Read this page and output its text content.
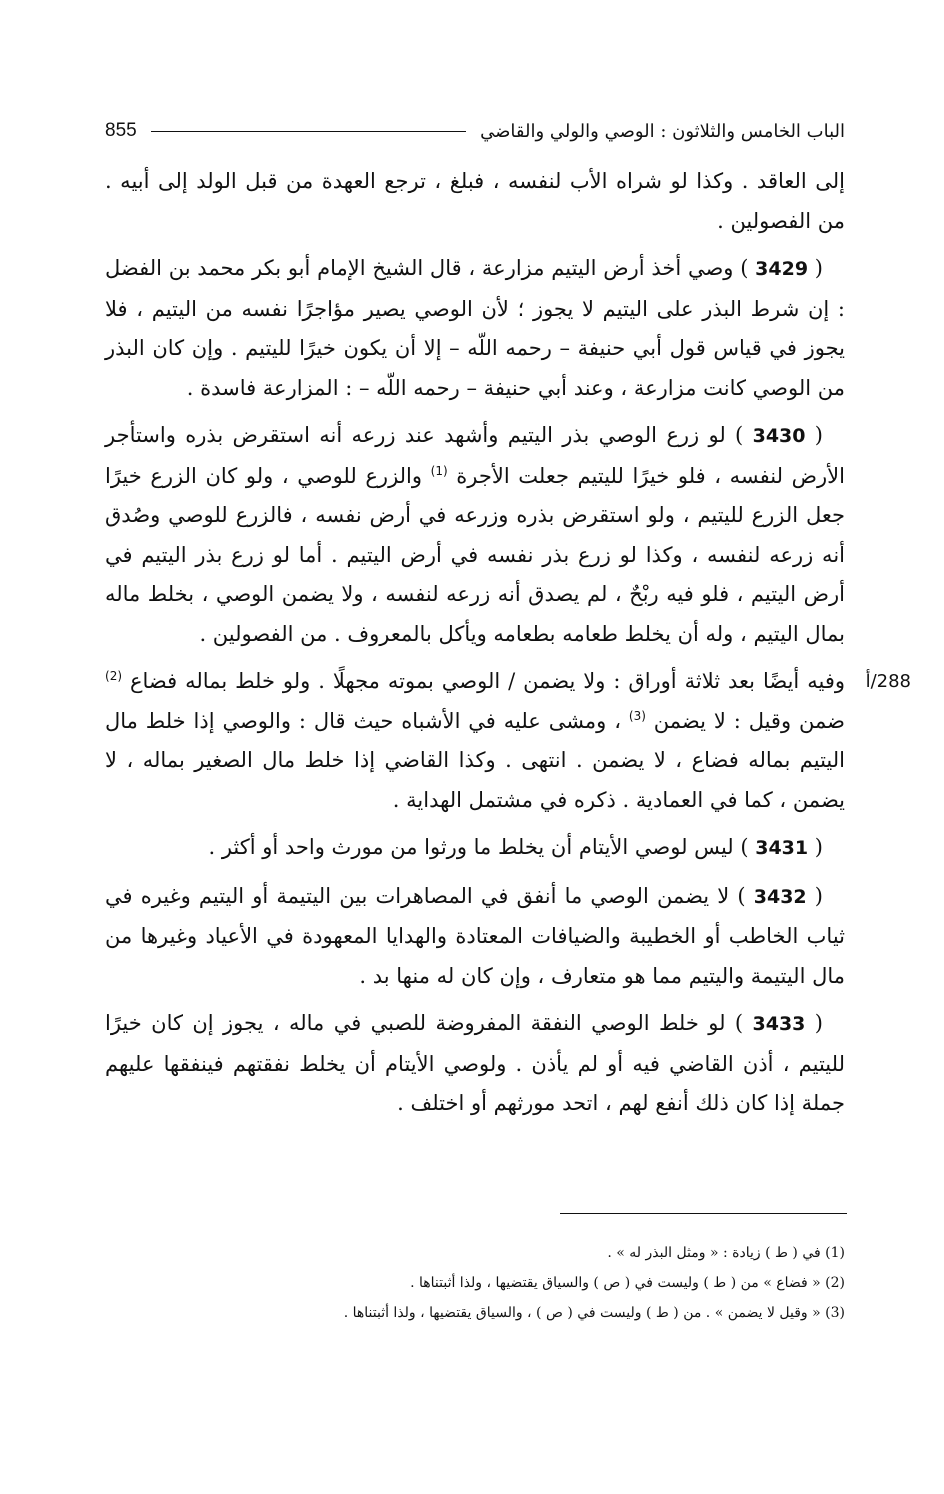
الباب الخامس والثلاثون : الوصي والولي والقاضي
855

إلى العاقد . وكذا لو شراه الأب لنفسه ، فبلغ ، ترجع العهدة من قبل الولد إلى أبيه . من الفصولين .

( 3429 ) وصي أخذ أرض اليتيم مزارعة ، قال الشيخ الإمام أبو بكر محمد بن الفضل : إن شرط البذر على اليتيم لا يجوز ؛ لأن الوصي يصير مؤاجرًا نفسه من اليتيم ، فلا يجوز في قياس قول أبي حنيفة – رحمه اللّه – إلا أن يكون خيرًا لليتيم . وإن كان البذر من الوصي كانت مزارعة ، وعند أبي حنيفة – رحمه اللّه – : المزارعة فاسدة .

( 3430 ) لو زرع الوصي بذر اليتيم وأشهد عند زرعه أنه استقرض بذره واستأجر الأرض لنفسه ، فلو خيرًا لليتيم جعلت الأجرة $^{(1)}$ والزرع للوصي ، ولو كان الزرع خيرًا جعل الزرع لليتيم ، ولو استقرض بذره وزرعه في أرض نفسه ، فالزرع للوصي وصُدق أنه زرعه لنفسه ، وكذا لو زرع بذر نفسه في أرض اليتيم . أما لو زرع بذر اليتيم في أرض اليتيم ، فلو فيه ربْحٌ ، لم يصدق أنه زرعه لنفسه ، ولا يضمن الوصي ، بخلط ماله بمال اليتيم ، وله أن يخلط طعامه بطعامه ويأكل بالمعروف . من الفصولين .

288/أ
وفيه أيضًا بعد ثلاثة أوراق : ولا يضمن / الوصي بموته مجهلًا . ولو خلط بماله فضاع $^{(2)}$ ضمن وقيل : لا يضمن $^{(3)}$ ، ومشى عليه في الأشباه حيث قال : والوصي إذا خلط مال اليتيم بماله فضاع ، لا يضمن . انتهى . وكذا القاضي إذا خلط مال الصغير بماله ، لا يضمن ، كما في العمادية . ذكره في مشتمل الهداية .

( 3431 ) ليس لوصي الأيتام أن يخلط ما ورثوا من مورث واحد أو أكثر .

( 3432 ) لا يضمن الوصي ما أنفق في المصاهرات بين اليتيمة أو اليتيم وغيره في ثياب الخاطب أو الخطيبة والضيافات المعتادة والهدايا المعهودة في الأعياد وغيرها من مال اليتيمة واليتيم مما هو متعارف ، وإن كان له منها بد .

( 3433 ) لو خلط الوصي النفقة المفروضة للصبي في ماله ، يجوز إن كان خيرًا لليتيم ، أذن القاضي فيه أو لم يأذن . ولوصي الأيتام أن يخلط نفقتهم فينفقها عليهم جملة إذا كان ذلك أنفع لهم ، اتحد مورثهم أو اختلف .

(1) في ( ط ) زيادة : « ومثل البذر له » .
(2) « فضاع » من ( ط ) وليست في ( ص ) والسياق يقتضيها ، ولذا أثبتناها .
(3) « وقيل لا يضمن » . من ( ط ) وليست في ( ص ) ، والسياق يقتضيها ، ولذا أثبتناها .
